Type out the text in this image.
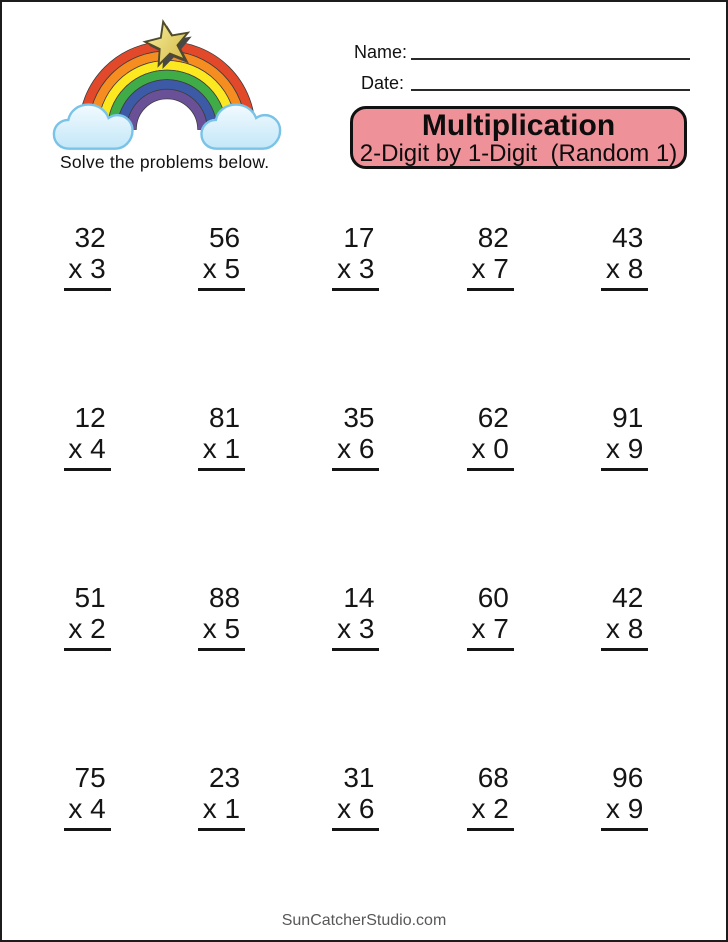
Solve the problems below.
Name:
Date:
Multiplication
2-Digit by 1-Digit  (Random 1)
32
x 3
56
x 5
17
x 3
82
x 7
43
x 8
12
x 4
81
x 1
35
x 6
62
x 0
91
x 9
51
x 2
88
x 5
14
x 3
60
x 7
42
x 8
75
x 4
23
x 1
31
x 6
68
x 2
96
x 9
SunCatcherStudio.com
